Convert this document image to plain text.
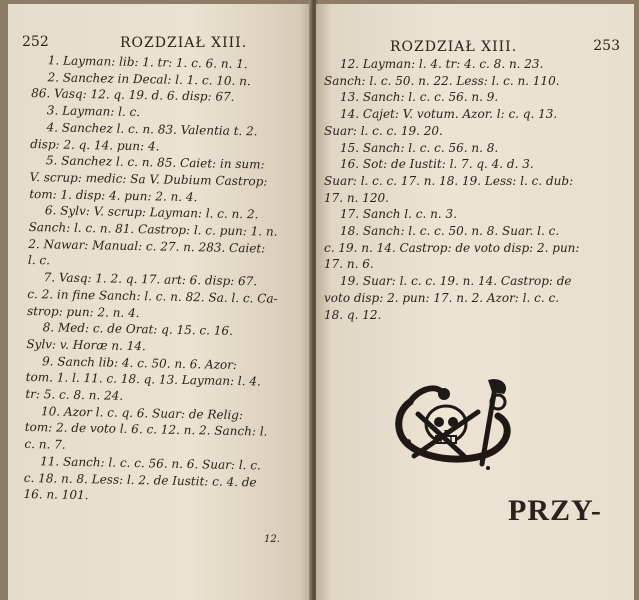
252	ROZDZIAŁ XIII.
1. Layman: lib: 1. tr: 1. c. 6. n. 1.
2. Sanchez in Decal: l. 1. c. 10. n.
86. Vasq: 12. q. 19. d. 6. disp: 67.
3. Layman: l. c.
4. Sanchez l. c. n. 83. Valentia t. 2.
disp: 2. q. 14. pun: 4.
5. Sanchez l. c. n. 85. Caiet: in sum:
V. scrup: medic: Sa V. Dubium Castrop:
tom: 1. disp: 4. pun: 2. n. 4.
6. Sylv: V. scrup: Layman: l. c. n. 2.
Sanch: l. c. n. 81. Castrop: l. c. pun: 1. n.
2. Nawar: Manual: c. 27. n. 283. Caiet:
l. c.
7. Vasq: 1. 2. q. 17. art: 6. disp: 67.
c. 2. in fine Sanch: l. c. n. 82. Sa. l. c. Ca-
strop: pun: 2. n. 4.
8. Med: c. de Orat: q. 15. c. 16.
Sylv: v. Horæ n. 14.
9. Sanch lib: 4. c. 50. n. 6. Azor:
tom. 1. l. 11. c. 18. q. 13. Layman: l. 4.
tr: 5. c. 8. n. 24.
10. Azor l. c. q. 6. Suar: de Relig:
tom: 2. de voto l. 6. c. 12. n. 2. Sanch: l.
c. n. 7.
11. Sanch: l. c. c. 56. n. 6. Suar: l. c.
c. 18. n. 8. Less: l. 2. de Iustit: c. 4. de
16. n. 101.
12.
ROZDZIAŁ XIII.	253
12. Layman: l. 4. tr: 4. c. 8. n. 23.
Sanch: l. c. 50. n. 22. Less: l. c. n. 110.
13. Sanch: l. c. c. 56. n. 9.
14. Cajet: V. votum. Azor. l: c. q. 13.
Suar: l. c. c. 19. 20.
15. Sanch: l. c. c. 56. n. 8.
16. Sot: de Iustit: l. 7. q. 4. d. 3.
Suar: l. c. c. 17. n. 18. 19. Less: l. c. dub:
17. n. 120.
17. Sanch l. c. n. 3.
18. Sanch: l. c. c. 50. n. 8. Suar. l. c.
c. 19. n. 14. Castrop: de voto disp: 2. pun:
17. n. 6.
19. Suar: l. c. c. 19. n. 14. Castrop: de
voto disp: 2. pun: 17. n. 2. Azor: l. c. c.
18. q. 12.
PRZY-
